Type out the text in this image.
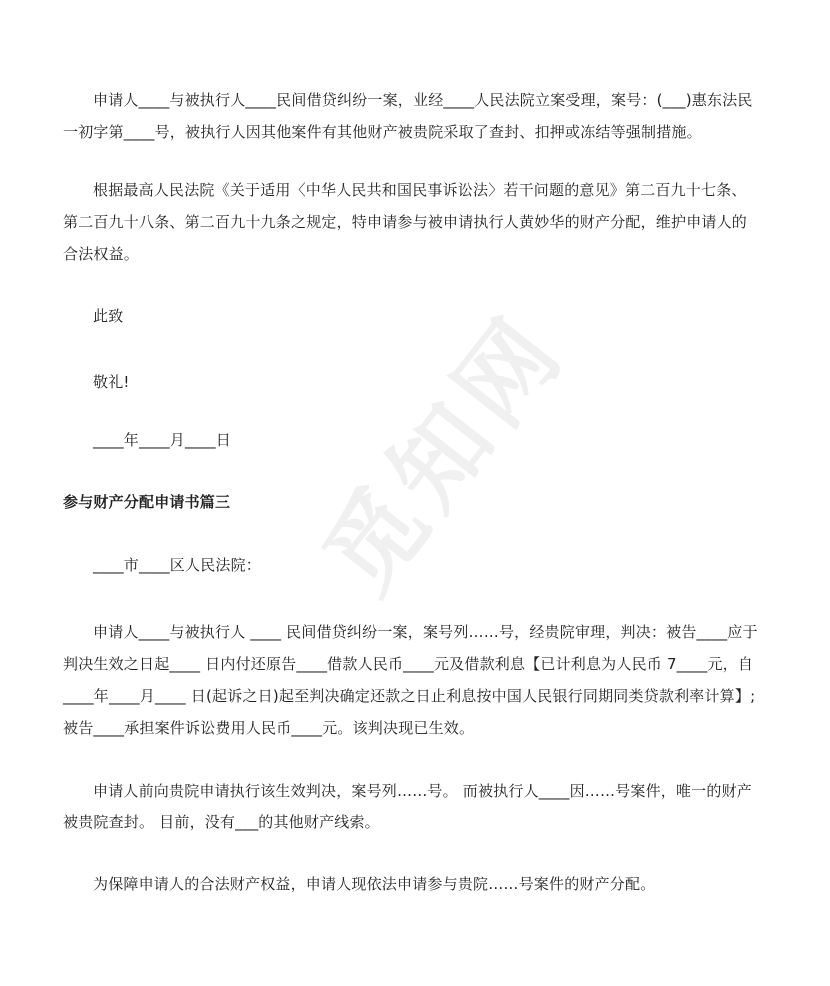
觅知网
申请人____与被执行人____民间借贷纠纷一案，业经____人民法院立案受理，案号：(___)惠东法民
一初字第____号，被执行人因其他案件有其他财产被贵院采取了查封、扣押或冻结等强制措施。
根据最高人民法院《关于适用〈中华人民共和国民事诉讼法〉若干问题的意见》第二百九十七条、
第二百九十八条、第二百九十九条之规定，特申请参与被申请执行人黄妙华的财产分配，维护申请人的
合法权益。
此致
敬礼!
____年____月____日
参与财产分配申请书篇三
____市____区人民法院：
申请人____与被执行人 ____ 民间借贷纠纷一案，案号列……号，经贵院审理，判决：被告____应于
判决生效之日起____ 日内付还原告____借款人民币____元及借款利息【已计利息为人民币 7____元，自
____年____月____ 日(起诉之日)起至判决确定还款之日止利息按中国人民银行同期同类贷款利率计算】;
被告____承担案件诉讼费用人民币____元。该判决现已生效。
申请人前向贵院申请执行该生效判决，案号列……号。 而被执行人____因……号案件，唯一的财产
被贵院查封。 目前，没有___的其他财产线索。
为保障申请人的合法财产权益，申请人现依法申请参与贵院……号案件的财产分配。
